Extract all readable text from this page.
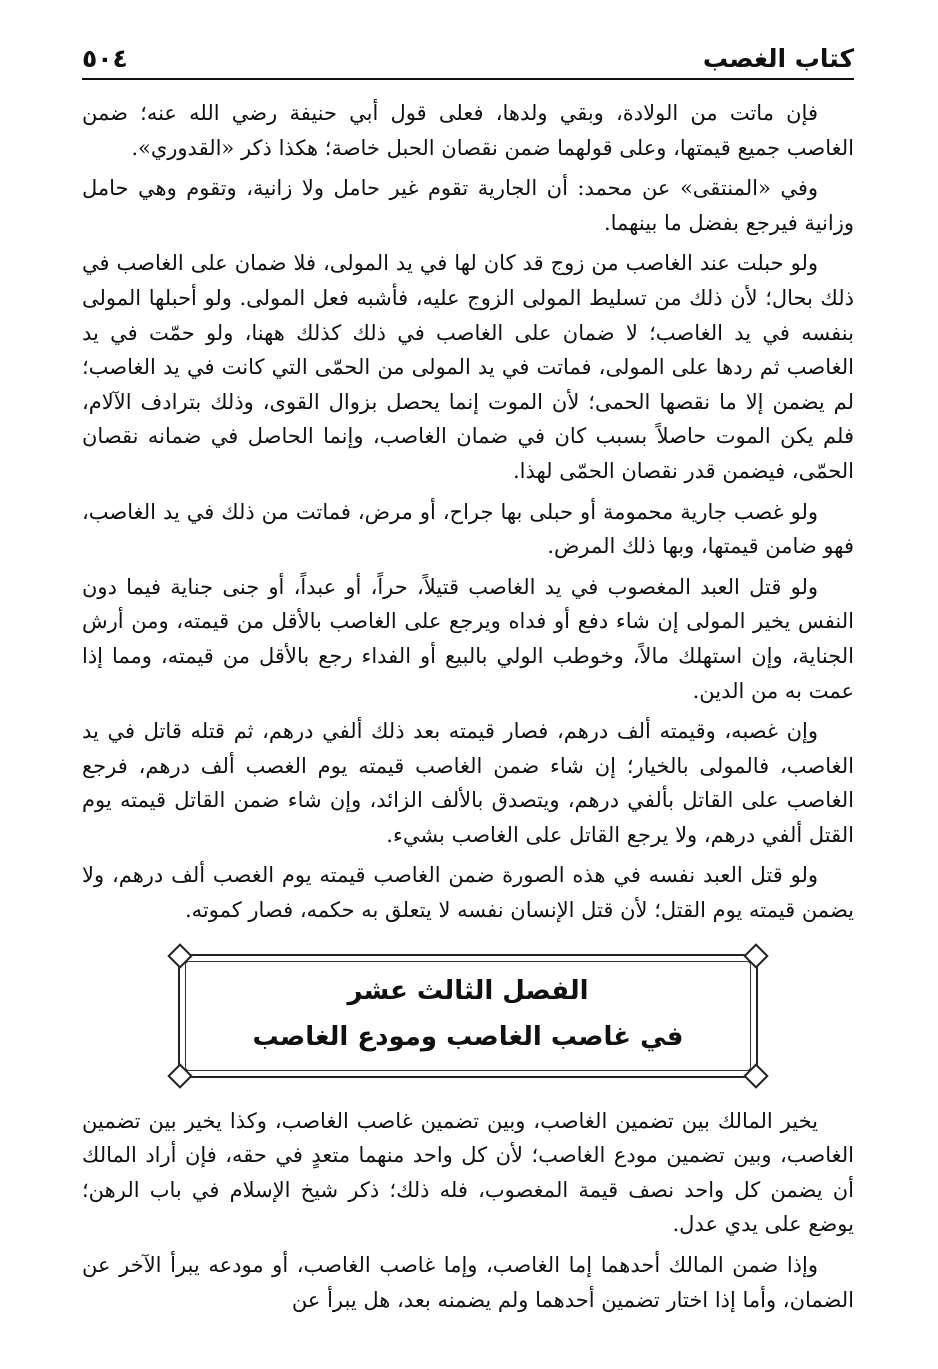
كتاب الغصب
٥٠٤

فإن ماتت من الولادة، وبقي ولدها، فعلى قول أبي حنيفة رضي الله عنه؛ ضمن الغاصب جميع قيمتها، وعلى قولهما ضمن نقصان الحبل خاصة؛ هكذا ذكر «القدوري».

وفي «المنتقى» عن محمد: أن الجارية تقوم غير حامل ولا زانية، وتقوم وهي حامل وزانية فيرجع بفضل ما بينهما.

ولو حبلت عند الغاصب من زوج قد كان لها في يد المولى، فلا ضمان على الغاصب في ذلك بحال؛ لأن ذلك من تسليط المولى الزوج عليه، فأشبه فعل المولى. ولو أحبلها المولى بنفسه في يد الغاصب؛ لا ضمان على الغاصب في ذلك كذلك ههنا، ولو حمّت في يد الغاصب ثم ردها على المولى، فماتت في يد المولى من الحمّى التي كانت في يد الغاصب؛ لم يضمن إلا ما نقصها الحمى؛ لأن الموت إنما يحصل بزوال القوى، وذلك بترادف الآلام، فلم يكن الموت حاصلاً بسبب كان في ضمان الغاصب، وإنما الحاصل في ضمانه نقصان الحمّى، فيضمن قدر نقصان الحمّى لهذا.

ولو غصب جارية محمومة أو حبلى بها جراح، أو مرض، فماتت من ذلك في يد الغاصب، فهو ضامن قيمتها، وبها ذلك المرض.

ولو قتل العبد المغصوب في يد الغاصب قتيلاً، حراً، أو عبداً، أو جنى جناية فيما دون النفس يخير المولى إن شاء دفع أو فداه ويرجع على الغاصب بالأقل من قيمته، ومن أرش الجناية، وإن استهلك مالاً، وخوطب الولي بالبيع أو الفداء رجع بالأقل من قيمته، ومما إذا عمت به من الدين.

وإن غصبه، وقيمته ألف درهم، فصار قيمته بعد ذلك ألفي درهم، ثم قتله قاتل في يد الغاصب، فالمولى بالخيار؛ إن شاء ضمن الغاصب قيمته يوم الغصب ألف درهم، فرجع الغاصب على القاتل بألفي درهم، ويتصدق بالألف الزائد، وإن شاء ضمن القاتل قيمته يوم القتل ألفي درهم، ولا يرجع القاتل على الغاصب بشيء.

ولو قتل العبد نفسه في هذه الصورة ضمن الغاصب قيمته يوم الغصب ألف درهم، ولا يضمن قيمته يوم القتل؛ لأن قتل الإنسان نفسه لا يتعلق به حكمه، فصار كموته.

الفصل الثالث عشر
في غاصب الغاصب ومودع الغاصب

يخير المالك بين تضمين الغاصب، وبين تضمين غاصب الغاصب، وكذا يخير بين تضمين الغاصب، وبين تضمين مودع الغاصب؛ لأن كل واحد منهما متعدٍ في حقه، فإن أراد المالك أن يضمن كل واحد نصف قيمة المغصوب، فله ذلك؛ ذكر شيخ الإسلام في باب الرهن؛ يوضع على يدي عدل.

وإذا ضمن المالك أحدهما إما الغاصب، وإما غاصب الغاصب، أو مودعه يبرأ الآخر عن الضمان، وأما إذا اختار تضمين أحدهما ولم يضمنه بعد، هل يبرأ عن
